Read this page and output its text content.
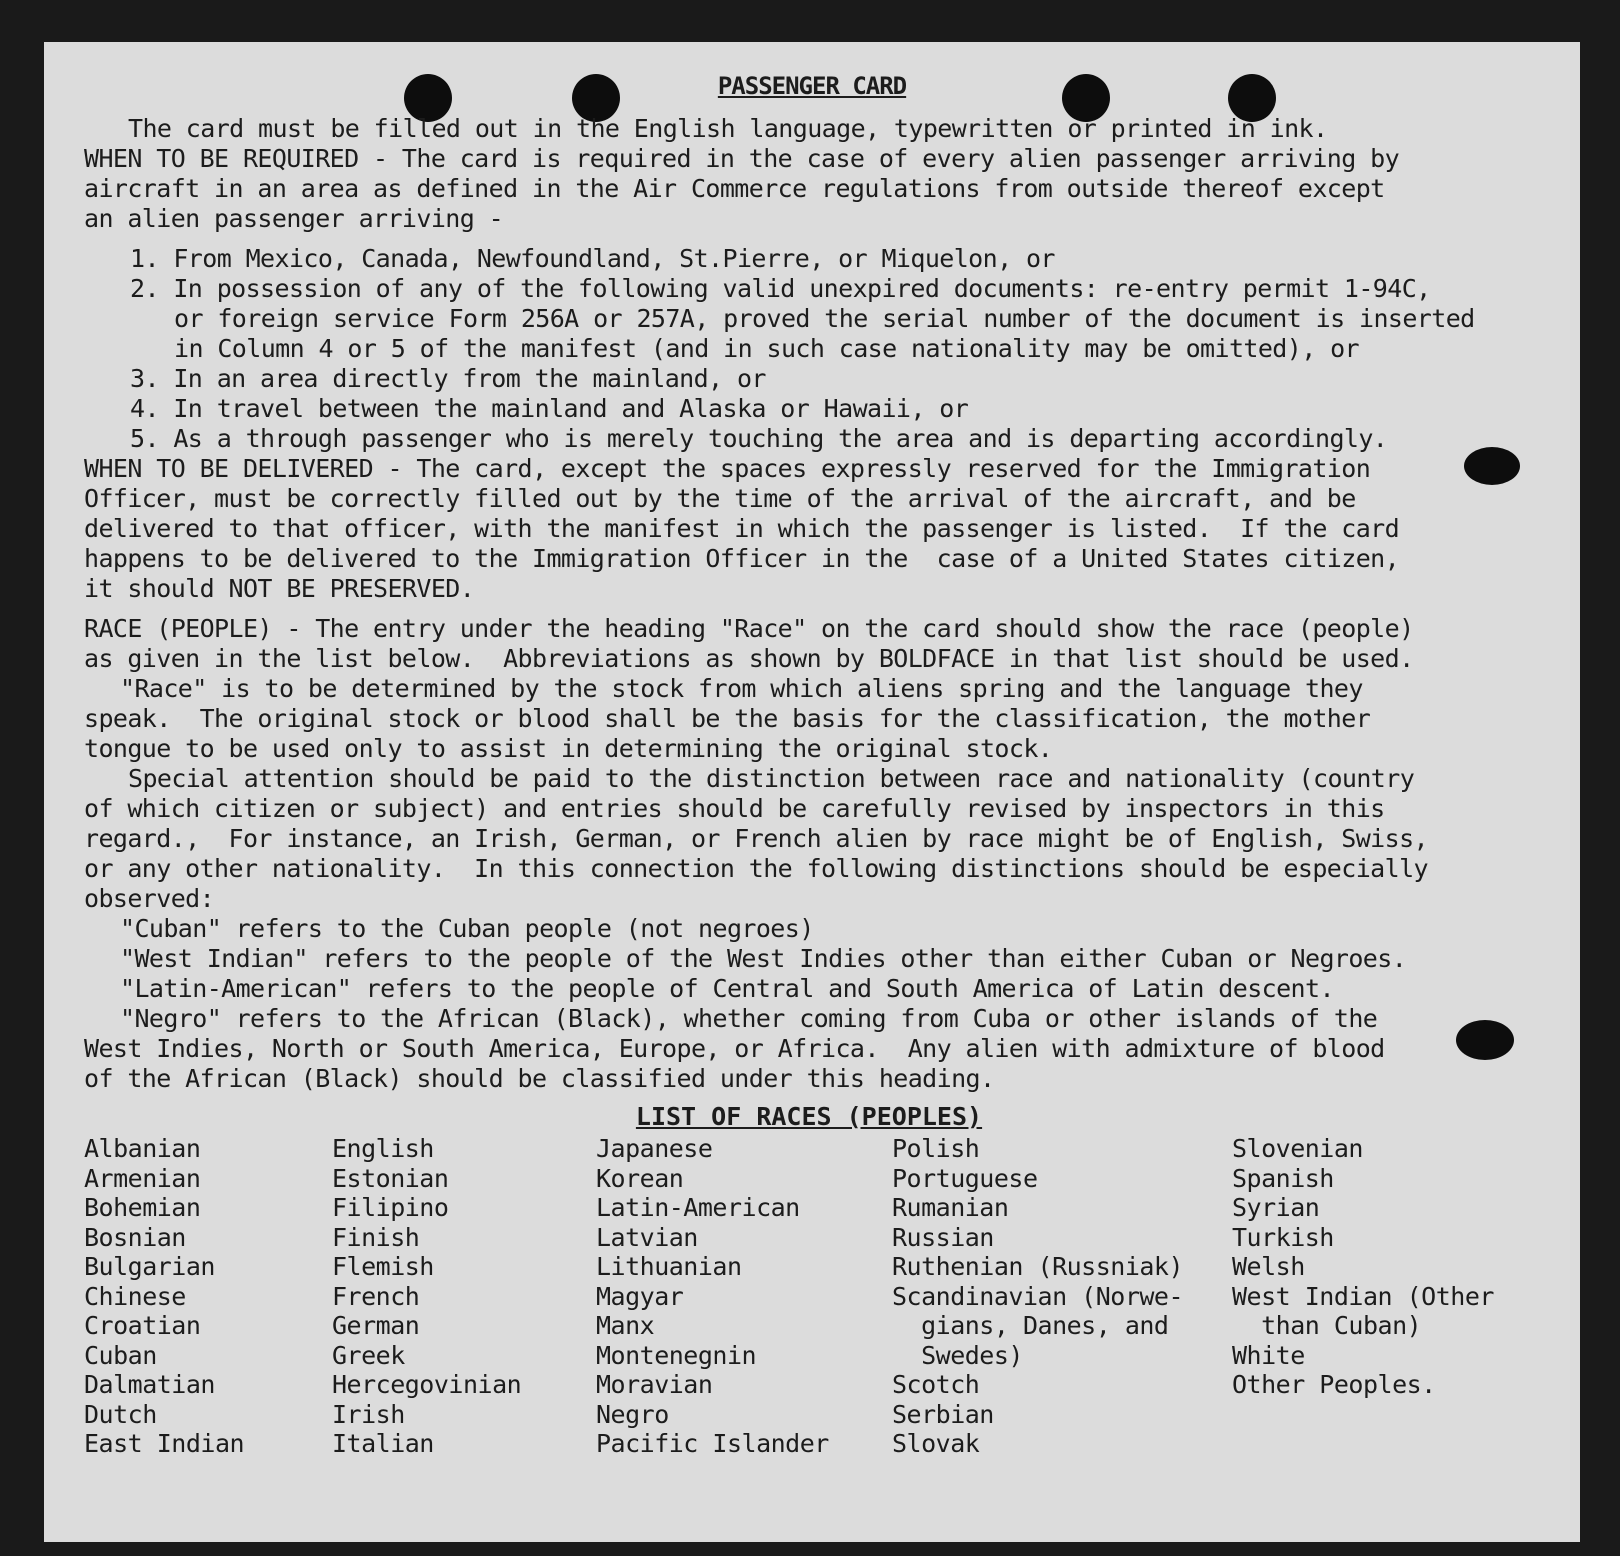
PASSENGER CARD
The card must be filled out in the English language, typewritten or printed in ink.
WHEN TO BE REQUIRED - The card is required in the case of every alien passenger arriving by
aircraft in an area as defined in the Air Commerce regulations from outside thereof except
an alien passenger arriving -
1. From Mexico, Canada, Newfoundland, St.Pierre, or Miquelon, or
2. In possession of any of the following valid unexpired documents: re-entry permit 1-94C,
or foreign service Form 256A or 257A, proved the serial number of the document is inserted
in Column 4 or 5 of the manifest (and in such case nationality may be omitted), or
3. In an area directly from the mainland, or
4. In travel between the mainland and Alaska or Hawaii, or
5. As a through passenger who is merely touching the area and is departing accordingly.
WHEN TO BE DELIVERED - The card, except the spaces expressly reserved for the Immigration
Officer, must be correctly filled out by the time of the arrival of the aircraft, and be
delivered to that officer, with the manifest in which the passenger is listed.  If the card
happens to be delivered to the Immigration Officer in the  case of a United States citizen,
it should NOT BE PRESERVED.
RACE (PEOPLE) - The entry under the heading "Race" on the card should show the race (people)
as given in the list below.  Abbreviations as shown by BOLDFACE in that list should be used.
"Race" is to be determined by the stock from which aliens spring and the language they
speak.  The original stock or blood shall be the basis for the classification, the mother
tongue to be used only to assist in determining the original stock.
Special attention should be paid to the distinction between race and nationality (country
of which citizen or subject) and entries should be carefully revised by inspectors in this
regard.,  For instance, an Irish, German, or French alien by race might be of English, Swiss,
or any other nationality.  In this connection the following distinctions should be especially
observed:
"Cuban" refers to the Cuban people (not negroes)
"West Indian" refers to the people of the West Indies other than either Cuban or Negroes.
"Latin-American" refers to the people of Central and South America of Latin descent.
"Negro" refers to the African (Black), whether coming from Cuba or other islands of the
West Indies, North or South America, Europe, or Africa.  Any alien with admixture of blood
of the African (Black) should be classified under this heading.
LIST OF RACES (PEOPLES)
Albanian
Armenian
Bohemian
Bosnian
Bulgarian
Chinese
Croatian
Cuban
Dalmatian
Dutch
East Indian
English
Estonian
Filipino
Finish
Flemish
French
German
Greek
Hercegovinian
Irish
Italian
Japanese
Korean
Latin-American
Latvian
Lithuanian
Magyar
Manx
Montenegnin
Moravian
Negro
Pacific Islander
Polish
Portuguese
Rumanian
Russian
Ruthenian (Russniak)
Scandinavian (Norwe-
gians, Danes, and
Swedes)
Scotch
Serbian
Slovak
Slovenian
Spanish
Syrian
Turkish
Welsh
West Indian (Other
than Cuban)
White
Other Peoples.
